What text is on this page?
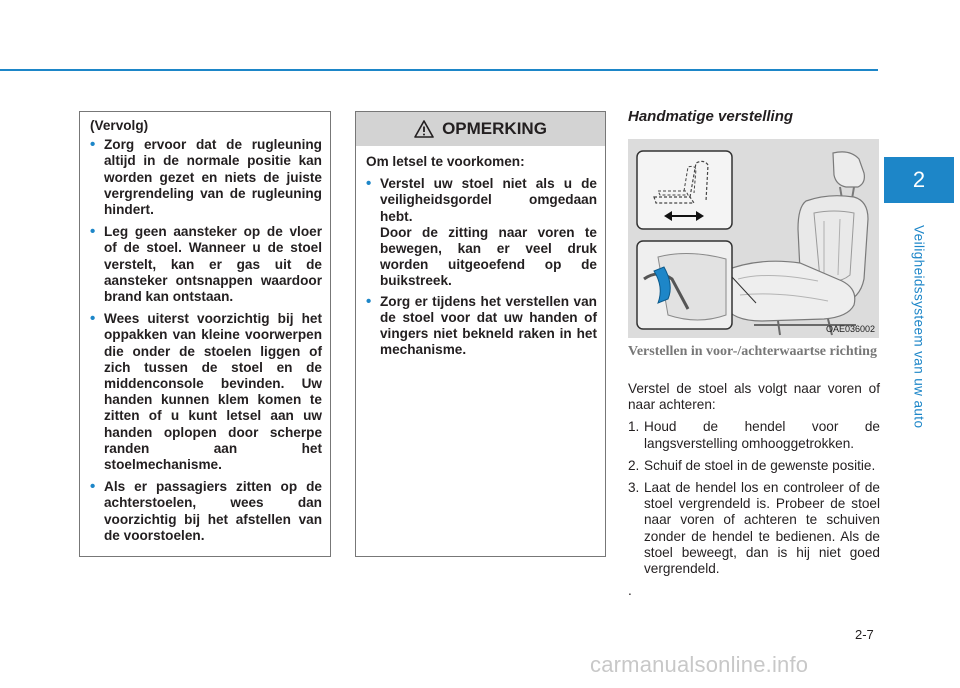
2
Veiligheidssysteem van uw auto
(Vervolg)
• Zorg ervoor dat de rugleuning altijd in de normale positie kan worden gezet en niets de juiste vergrendeling van de rugleuning hindert.
• Leg geen aansteker op de vloer of de stoel. Wanneer u de stoel verstelt, kan er gas uit de aansteker ontsnappen waardoor brand kan ontstaan.
• Wees uiterst voorzichtig bij het oppakken van kleine voorwerpen die onder de stoelen liggen of zich tussen de stoel en de middenconsole bevinden. Uw handen kunnen klem komen te zitten of u kunt letsel aan uw handen oplopen door scherpe randen aan het stoelmechanisme.
• Als er passagiers zitten op de achterstoelen, wees dan voorzichtig bij het afstellen van de voorstoelen.
OPMERKING
Om letsel te voorkomen:
• Verstel uw stoel niet als u de veiligheidsgordel omgedaan hebt.
Door de zitting naar voren te bewegen, kan er veel druk worden uitgeoefend op de buikstreek.
• Zorg er tijdens het verstellen van de stoel voor dat uw handen of vingers niet bekneld raken in het mechanisme.
Handmatige verstelling
OAE036002
Verstellen in voor-/achterwaartse richting

Verstel de stoel als volgt naar voren of naar achteren:

1. Houd de hendel voor de langsverstelling omhooggetrokken.
2. Schuif de stoel in de gewenste positie.
3. Laat de hendel los en controleer of de stoel vergrendeld is. Probeer de stoel naar voren of achteren te schuiven zonder de hendel te bedienen. Als de stoel beweegt, dan is hij niet goed vergrendeld.
.
2-7
carmanualsonline.info
